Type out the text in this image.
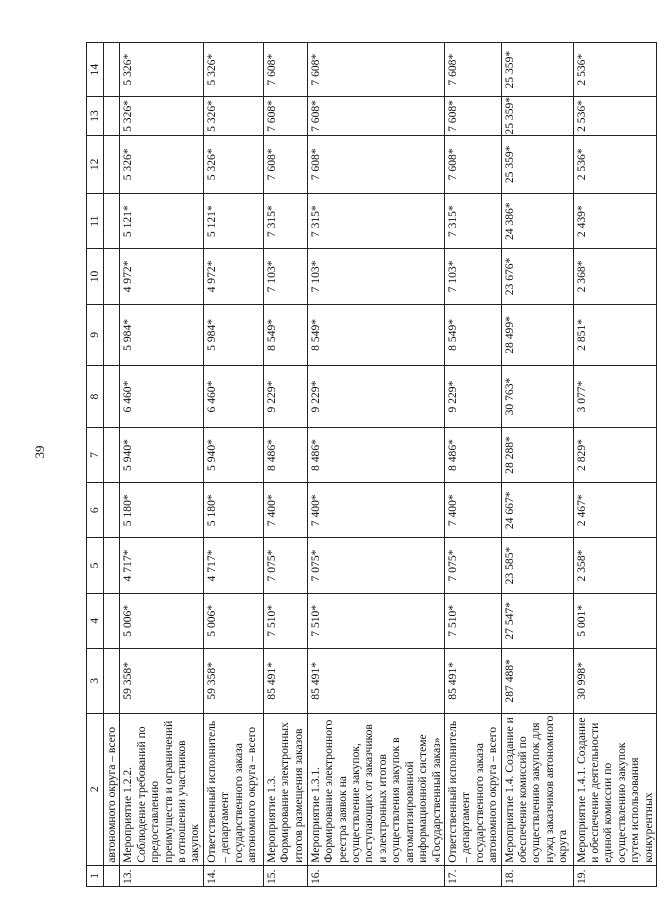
39
1	2	3	4	5	6	7	8	9	10	11	12	13	14
	автономного округа – всего												
13.	Мероприятие 1.2.2. Соблюдение требований по предоставлению преимуществ и ограничений в отношении участников закупок	59 358*	5 006*	4 717*	5 180*	5 940*	6 460*	5 984*	4 972*	5 121*	5 326*	5 326*	5 326*
14.	Ответственный исполнитель – департамент государственного заказа автономного округа – всего	59 358*	5 006*	4 717*	5 180*	5 940*	6 460*	5 984*	4 972*	5 121*	5 326*	5 326*	5 326*
15.	Мероприятие 1.3. Формирование электронных итогов размещения заказов	85 491*	7 510*	7 075*	7 400*	8 486*	9 229*	8 549*	7 103*	7 315*	7 608*	7 608*	7 608*
16.	Мероприятие 1.3.1. Формирование электронного реестра заявок на осуществление закупок, поступающих от заказчиков и электронных итогов осуществления закупок в автоматизированной информационной системе «Государственный заказ»	85 491*	7 510*	7 075*	7 400*	8 486*	9 229*	8 549*	7 103*	7 315*	7 608*	7 608*	7 608*
17.	Ответственный исполнитель – департамент государственного заказа автономного округа – всего	85 491*	7 510*	7 075*	7 400*	8 486*	9 229*	8 549*	7 103*	7 315*	7 608*	7 608*	7 608*
18.	Мероприятие 1.4. Создание и обеспечение комиссий по осуществлению закупок для нужд заказчиков автономного округа	287 488*	27 547*	23 585*	24 667*	28 288*	30 763*	28 499*	23 676*	24 386*	25 359*	25 359*	25 359*
19.	Мероприятие 1.4.1. Создание и обеспечение деятельности единой комиссии по осуществлению закупок путем использования конкурентных	30 998*	5 001*	2 358*	2 467*	2 829*	3 077*	2 851*	2 368*	2 439*	2 536*	2 536*	2 536*
